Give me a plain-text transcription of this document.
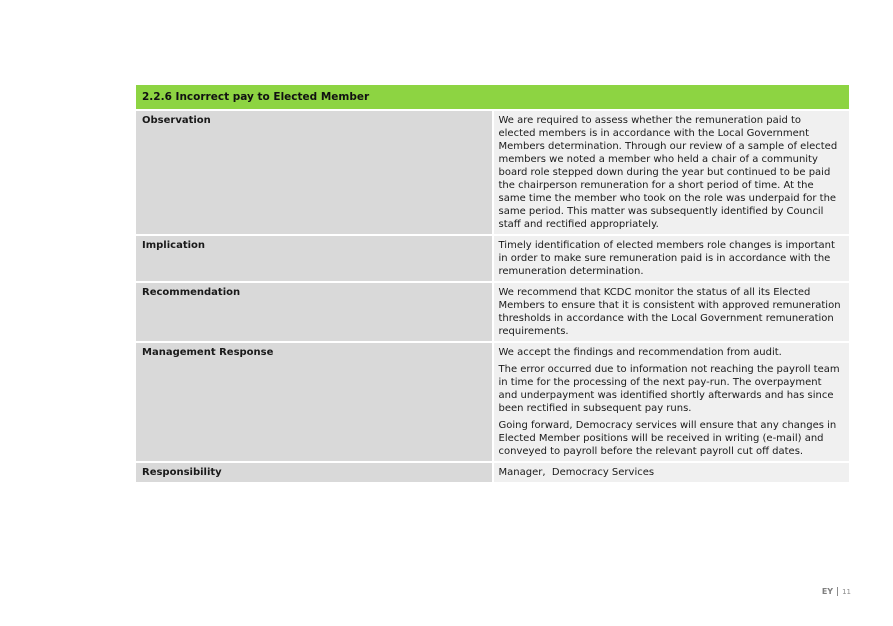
2.2.6 Incorrect pay to Elected Member	
Observation	We are required to assess whether the remuneration paid to elected members is in accordance with the Local Government Members determination. Through our review of a sample of elected members we noted a member who held a chair of a community board role stepped down during the year but continued to be paid the chairperson remuneration for a short period of time. At the same time the member who took on the role was underpaid for the same period. This matter was subsequently identified by Council staff and rectified appropriately.

Implication	Timely identification of elected members role changes is important in order to make sure remuneration paid is in accordance with the remuneration determination.

Recommendation	We recommend that KCDC monitor the status of all its Elected Members to ensure that it is consistent with approved remuneration thresholds in accordance with the Local Government remuneration requirements.

Management Response	We accept the findings and recommendation from audit.

The error occurred due to information not reaching the payroll team in time for the processing of the next pay-run. The overpayment and underpayment was identified shortly afterwards and has since been rectified in subsequent pay runs.

Going forward, Democracy services will ensure that any changes in Elected Member positions will be received in writing (e-mail) and conveyed to payroll before the relevant payroll cut off dates.

Responsibility	Manager,  Democracy Services

EY 11
